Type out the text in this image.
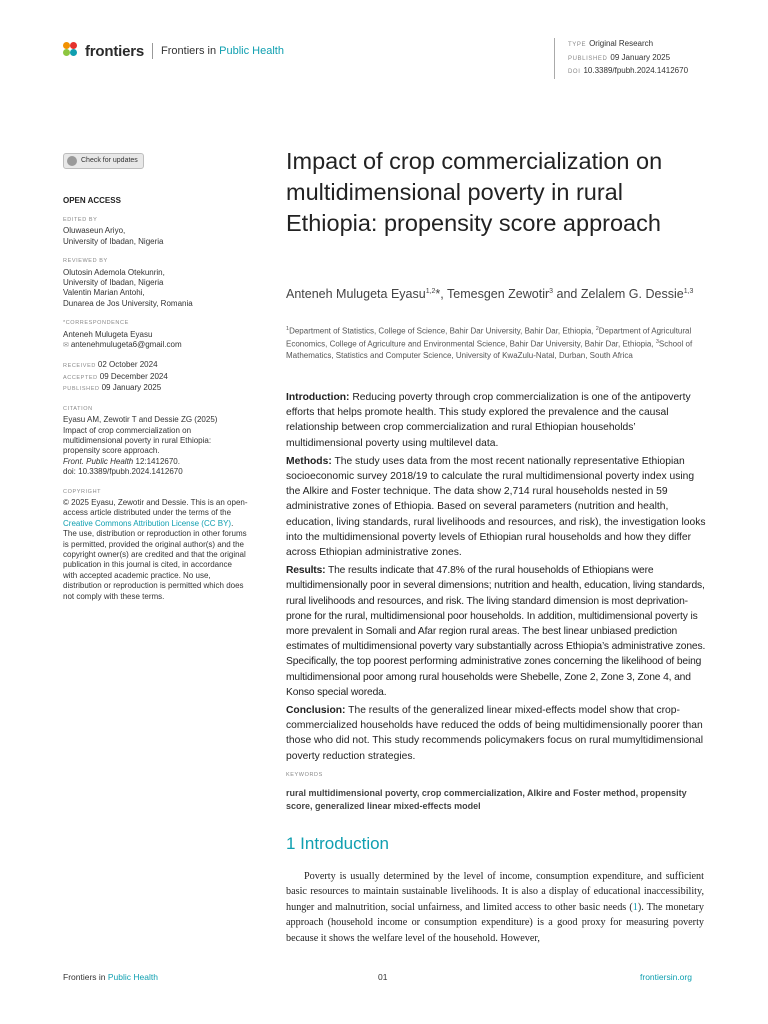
frontiers Frontiers in Public Health	TYPE Original Research
PUBLISHED 09 January 2025
DOI 10.3389/fpubh.2024.1412670
Check for updates
OPEN ACCESS
EDITED BY
Oluwaseun Ariyo,
University of Ibadan, Nigeria
REVIEWED BY
Olutosin Ademola Otekunrin,
University of Ibadan, Nigeria
Valentin Marian Antohi,
Dunarea de Jos University, Romania
*CORRESPONDENCE
Anteneh Mulugeta Eyasu
✉ antenehmulugeta6@gmail.com
RECEIVED 02 October 2024
ACCEPTED 09 December 2024
PUBLISHED 09 January 2025
CITATION
Eyasu AM, Zewotir T and Dessie ZG (2025)
Impact of crop commercialization on
multidimensional poverty in rural Ethiopia:
propensity score approach.
Front. Public Health 12:1412670.
doi: 10.3389/fpubh.2024.1412670
COPYRIGHT
© 2025 Eyasu, Zewotir and Dessie. This is an open-access article distributed under the terms of the Creative Commons Attribution License (CC BY). The use, distribution or reproduction in other forums is permitted, provided the original author(s) and the copyright owner(s) are credited and that the original publication in this journal is cited, in accordance with accepted academic practice. No use, distribution or reproduction is permitted which does not comply with these terms.
Impact of crop commercialization on multidimensional poverty in rural Ethiopia: propensity score approach
Anteneh Mulugeta Eyasu$^{1,2}$*, Temesgen Zewotir$^3$ and Zelalem G. Dessie$^{1,3}$
$^1$Department of Statistics, College of Science, Bahir Dar University, Bahir Dar, Ethiopia, $^2$Department of Agricultural Economics, College of Agriculture and Environmental Science, Bahir Dar University, Bahir Dar, Ethiopia, $^3$School of Mathematics, Statistics and Computer Science, University of KwaZulu-Natal, Durban, South Africa

Introduction: Reducing poverty through crop commercialization is one of the antipoverty efforts that helps promote health. This study explored the prevalence and the causal relationship between crop commercialization and rural Ethiopian households’ multidimensional poverty using multilevel data.

Methods: The study uses data from the most recent nationally representative Ethiopian socioeconomic survey 2018/19 to calculate the rural multidimensional poverty index using the Alkire and Foster technique. The data show 2,714 rural households nested in 59 administrative zones of Ethiopia. Based on several parameters (nutrition and health, education, living standards, rural livelihoods and resources, and risk), the investigation looks into the multidimensional poverty levels of Ethiopian rural households and how they differ across Ethiopian administrative zones.

Results: The results indicate that 47.8% of the rural households of Ethiopians were multidimensionally poor in several dimensions; nutrition and health, education, living standards, rural livelihoods and resources, and risk. The living standard dimension is most deprivation-prone for the rural, multidimensional poor households. In addition, multidimensional poverty is more prevalent in Somali and Afar region rural areas. The best linear unbiased prediction estimates of multidimensional poverty vary substantially across Ethiopia’s administrative zones. Specifically, the top poorest performing administrative zones concerning the likelihood of being multidimensional poor among rural households were Shebelle, Zone 2, Zone 3, Zone 4, and Konso special woreda.

Conclusion: The results of the generalized linear mixed-effects model show that crop-commercialized households have reduced the odds of being multidimensionally poorer than those who did not. This study recommends policymakers focus on rural mumyltidimensional poverty reduction strategies.

KEYWORDS
rural multidimensional poverty, crop commercialization, Alkire and Foster method, propensity score, generalized linear mixed-effects model
1 Introduction

Poverty is usually determined by the level of income, consumption expenditure, and sufficient basic resources to maintain sustainable livelihoods. It is also a display of educational inaccessibility, hunger and malnutrition, social unfairness, and limited access to other basic needs (1). The monetary approach (household income or consumption expenditure) is a good proxy for measuring poverty because it shows the welfare level of the household. However,

Frontiers in Public Health	01	frontiersin.org
